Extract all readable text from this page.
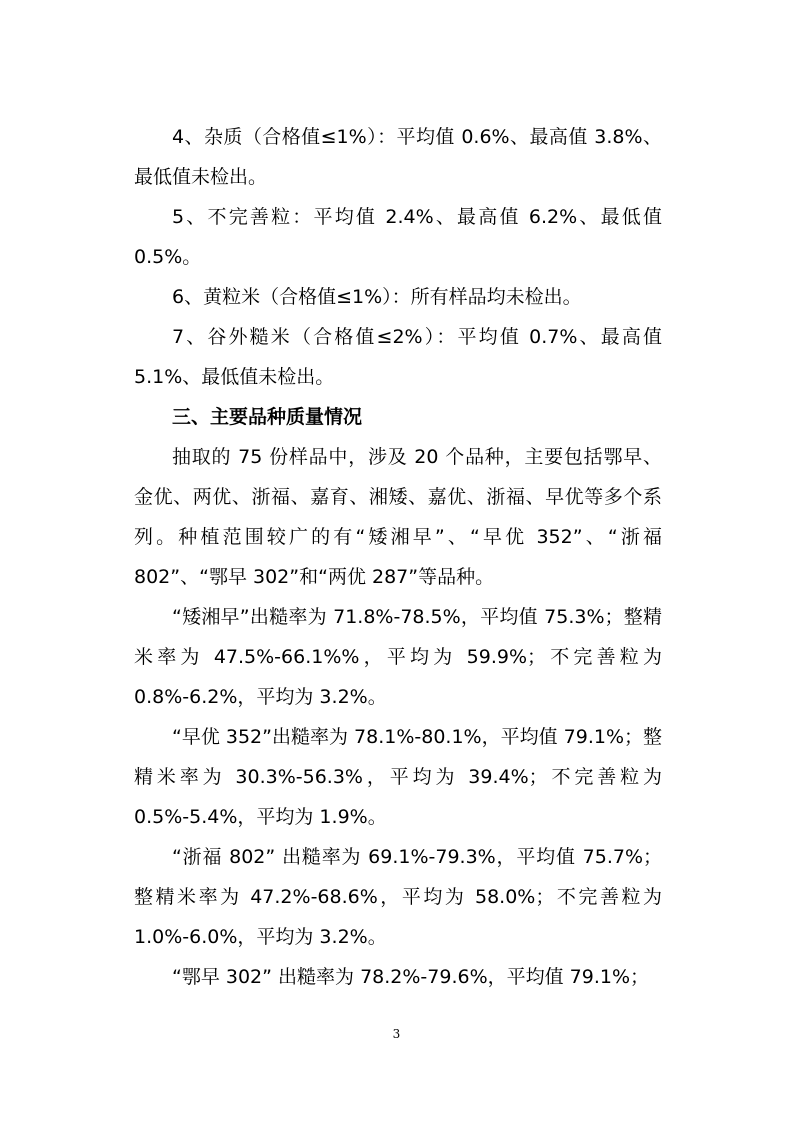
4、杂质（合格值≤1%）：平均值 0.6%、最高值 3.8%、最低值未检出。

5、不完善粒：平均值 2.4%、最高值 6.2%、最低值 0.5%。

6、黄粒米（合格值≤1%）：所有样品均未检出。

7、谷外糙米（合格值≤2%）：平均值 0.7%、最高值 5.1%、最低值未检出。

三、主要品种质量情况

抽取的 75 份样品中，涉及 20 个品种，主要包括鄂早、金优、两优、浙福、嘉育、湘矮、嘉优、浙福、早优等多个系列。种植范围较广的有“矮湘早”、“早优 352”、“浙福 802”、“鄂早 302”和“两优 287”等品种。

“矮湘早”出糙率为 71.8%-78.5%，平均值 75.3%；整精米率为 47.5%-66.1%%，平均为 59.9%；不完善粒为 0.8%-6.2%，平均为 3.2%。

“早优 352”出糙率为 78.1%-80.1%，平均值 79.1%；整精米率为 30.3%-56.3%，平均为 39.4%；不完善粒为 0.5%-5.4%，平均为 1.9%。

“浙福 802” 出糙率为 69.1%-79.3%，平均值 75.7%；整精米率为 47.2%-68.6%，平均为 58.0%；不完善粒为 1.0%-6.0%，平均为 3.2%。

“鄂早 302” 出糙率为 78.2%-79.6%，平均值 79.1%；

3
